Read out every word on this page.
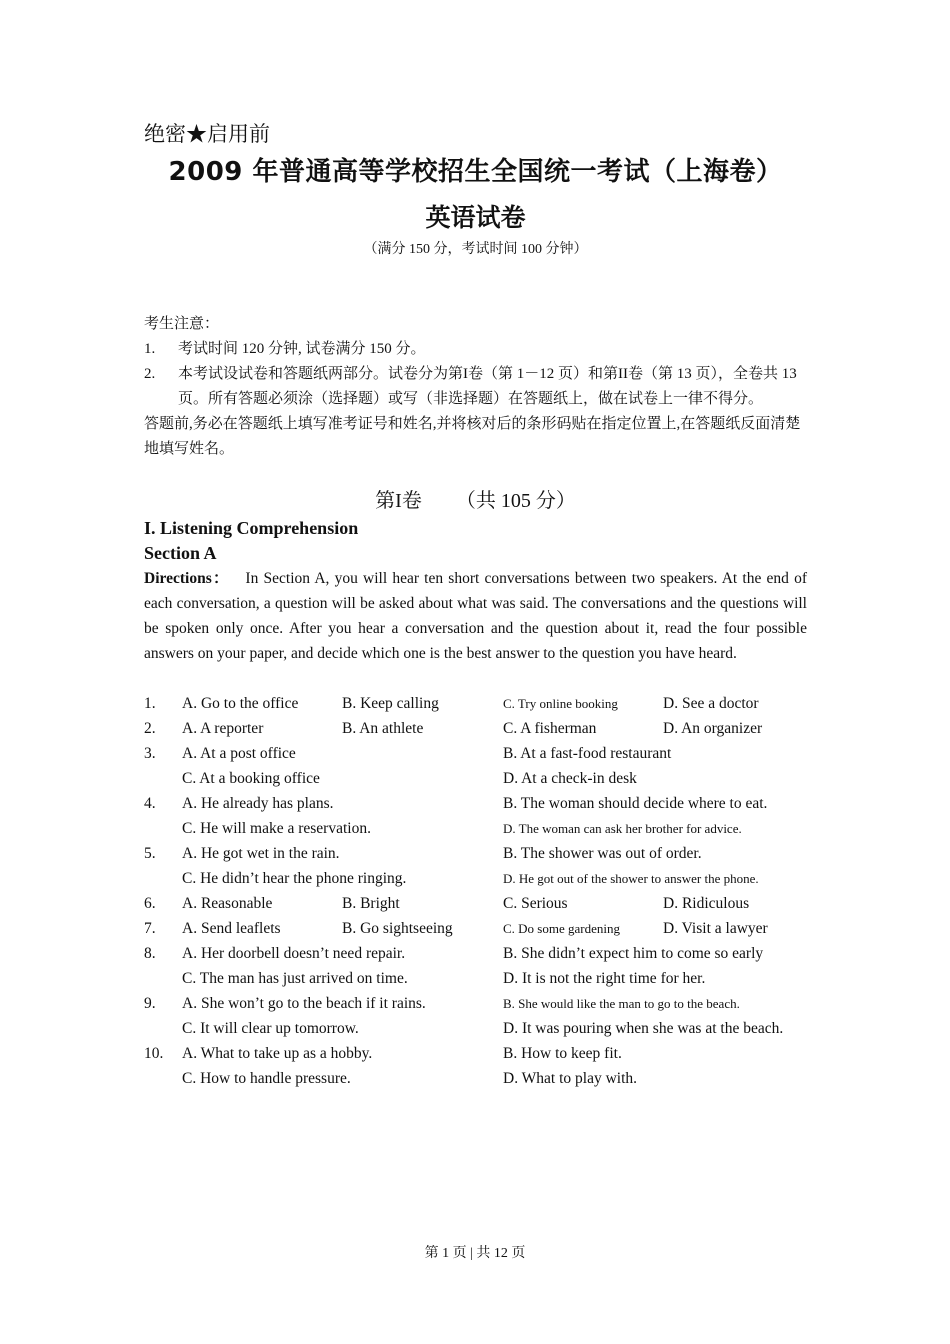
绝密★启用前

2009 年普通高等学校招生全国统一考试（上海卷）
英语试卷

（满分 150 分，考试时间 100 分钟）

考生注意：

1. 考试时间 120 分钟, 试卷满分 150 分。
2. 本考试设试卷和答题纸两部分。试卷分为第I卷（第 1－12 页）和第II卷（第 13 页），全卷共 13 页。所有答题必须涂（选择题）或写（非选择题）在答题纸上，做在试卷上一律不得分。

答题前,务必在答题纸上填写准考证号和姓名,并将核对后的条形码贴在指定位置上,在答题纸反面清楚地填写姓名。

第I卷 （共 105 分）

I. Listening Comprehension

Section A

Directions： In Section A, you will hear ten short conversations between two speakers. At the end of each conversation, a question will be asked about what was said. The conversations and the questions will be spoken only once. After you hear a conversation and the question about it, read the four possible answers on your paper, and decide which one is the best answer to the question you have heard.

1. A. Go to the office	B. Keep calling	C. Try online booking	D. See a doctor
2. A. A reporter	B. An athlete	C. A fisherman	D. An organizer
3. A. At a post office	B. At a fast-food restaurant
C. At a booking office	D. At a check-in desk
4. A. He already has plans.	B. The woman should decide where to eat.
C. He will make a reservation.	D. The woman can ask her brother for advice.
5. A. He got wet in the rain.	B. The shower was out of order.
C. He didn’t hear the phone ringing.	D. He got out of the shower to answer the phone.
6. A. Reasonable	B. Bright	C. Serious	D. Ridiculous
7. A. Send leaflets	B. Go sightseeing	C. Do some gardening	D. Visit a lawyer
8. A. Her doorbell doesn’t need repair.	B. She didn’t expect him to come so early
C. The man has just arrived on time.	D. It is not the right time for her.
9. A. She won’t go to the beach if it rains.	B. She would like the man to go to the beach.
C. It will clear up tomorrow.	D. It was pouring when she was at the beach.
10. A. What to take up as a hobby.	B. How to keep fit.
C. How to handle pressure.	D. What to play with.
第 1 页 | 共 12 页
